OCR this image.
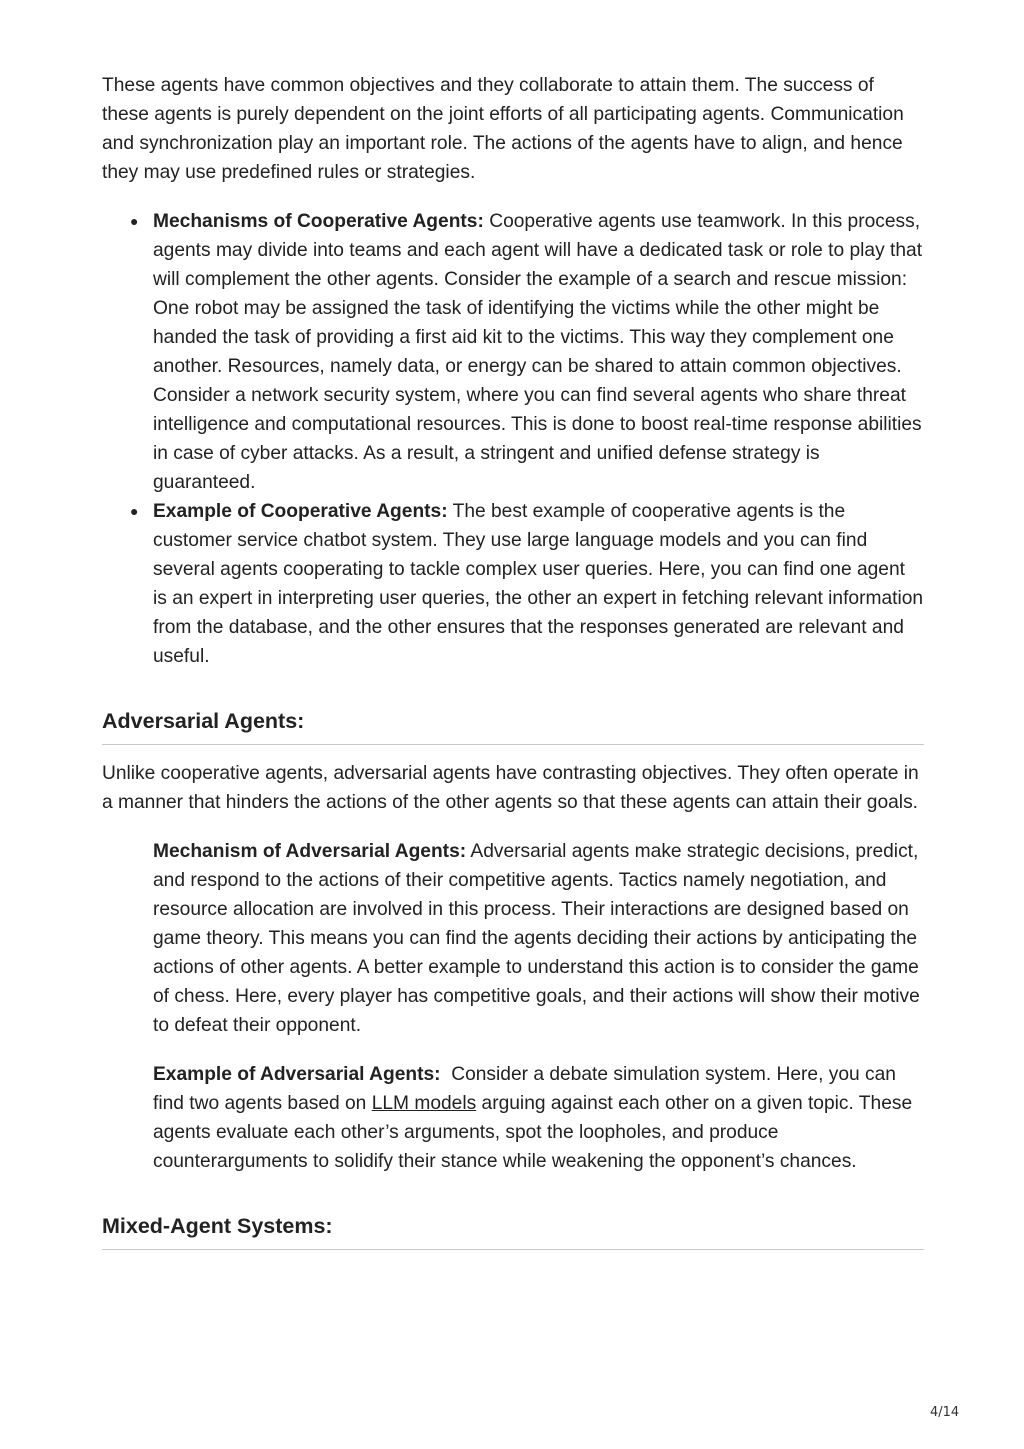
These agents have common objectives and they collaborate to attain them. The success of these agents is purely dependent on the joint efforts of all participating agents. Communication and synchronization play an important role. The actions of the agents have to align, and hence they may use predefined rules or strategies.

● Mechanisms of Cooperative Agents: Cooperative agents use teamwork. In this process, agents may divide into teams and each agent will have a dedicated task or role to play that will complement the other agents. Consider the example of a search and rescue mission: One robot may be assigned the task of identifying the victims while the other might be handed the task of providing a first aid kit to the victims. This way they complement one another. Resources, namely data, or energy can be shared to attain common objectives. Consider a network security system, where you can find several agents who share threat intelligence and computational resources. This is done to boost real-time response abilities in case of cyber attacks. As a result, a stringent and unified defense strategy is guaranteed.
● Example of Cooperative Agents: The best example of cooperative agents is the customer service chatbot system. They use large language models and you can find several agents cooperating to tackle complex user queries. Here, you can find one agent is an expert in interpreting user queries, the other an expert in fetching relevant information from the database, and the other ensures that the responses generated are relevant and useful.
Adversarial Agents:

Unlike cooperative agents, adversarial agents have contrasting objectives. They often operate in a manner that hinders the actions of the other agents so that these agents can attain their goals.

Mechanism of Adversarial Agents: Adversarial agents make strategic decisions, predict, and respond to the actions of their competitive agents. Tactics namely negotiation, and resource allocation are involved in this process. Their interactions are designed based on game theory. This means you can find the agents deciding their actions by anticipating the actions of other agents. A better example to understand this action is to consider the game of chess. Here, every player has competitive goals, and their actions will show their motive to defeat their opponent.

Example of Adversarial Agents:  Consider a debate simulation system. Here, you can find two agents based on LLM models arguing against each other on a given topic. These agents evaluate each other’s arguments, spot the loopholes, and produce counterarguments to solidify their stance while weakening the opponent’s chances.

Mixed-Agent Systems:
4/14
